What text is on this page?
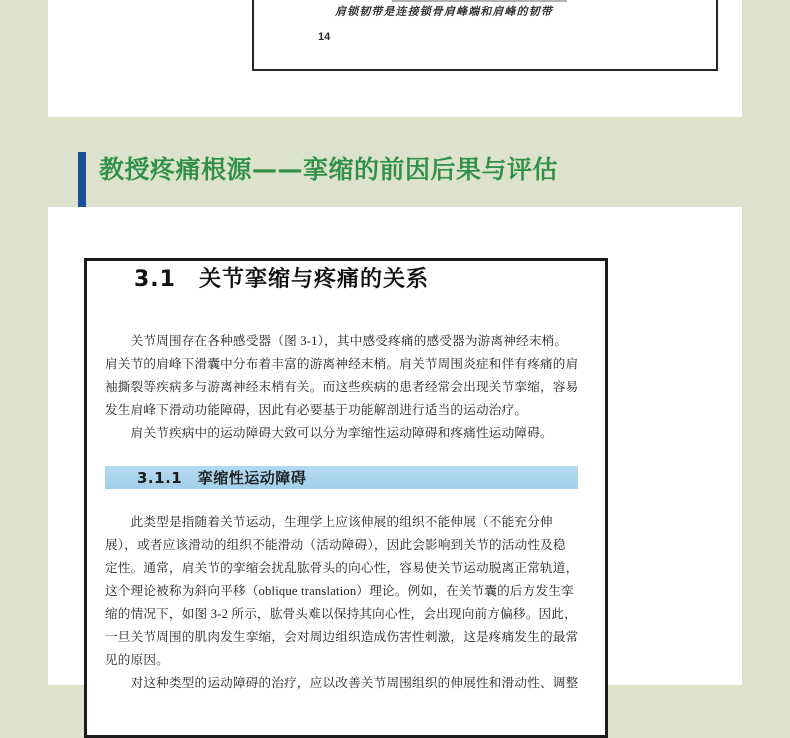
肩锁韧带是连接锁骨肩峰端和肩峰的韧带
14
教授疼痛根源——挛缩的前因后果与评估
3.1　关节挛缩与疼痛的关系
　　关节周围存在各种感受器（图 3-1），其中感受疼痛的感受器为游离神经末梢。
肩关节的肩峰下滑囊中分布着丰富的游离神经末梢。肩关节周围炎症和伴有疼痛的肩
袖撕裂等疾病多与游离神经末梢有关。而这些疾病的患者经常会出现关节挛缩，容易
发生肩峰下滑动功能障碍，因此有必要基于功能解剖进行适当的运动治疗。
　　肩关节疾病中的运动障碍大致可以分为挛缩性运动障碍和疼痛性运动障碍。
3.1.1　挛缩性运动障碍
　　此类型是指随着关节运动，生理学上应该伸展的组织不能伸展（不能充分伸
展），或者应该滑动的组织不能滑动（活动障碍），因此会影响到关节的活动性及稳
定性。通常，肩关节的挛缩会扰乱肱骨头的向心性，容易使关节运动脱离正常轨道，
这个理论被称为斜向平移（oblique translation）理论。例如，在关节囊的后方发生挛
缩的情况下，如图 3-2 所示，肱骨头难以保持其向心性，会出现向前方偏移。因此，
一旦关节周围的肌肉发生挛缩，会对周边组织造成伤害性刺激，这是疼痛发生的最常
见的原因。
　　对这种类型的运动障碍的治疗，应以改善关节周围组织的伸展性和滑动性、调整
